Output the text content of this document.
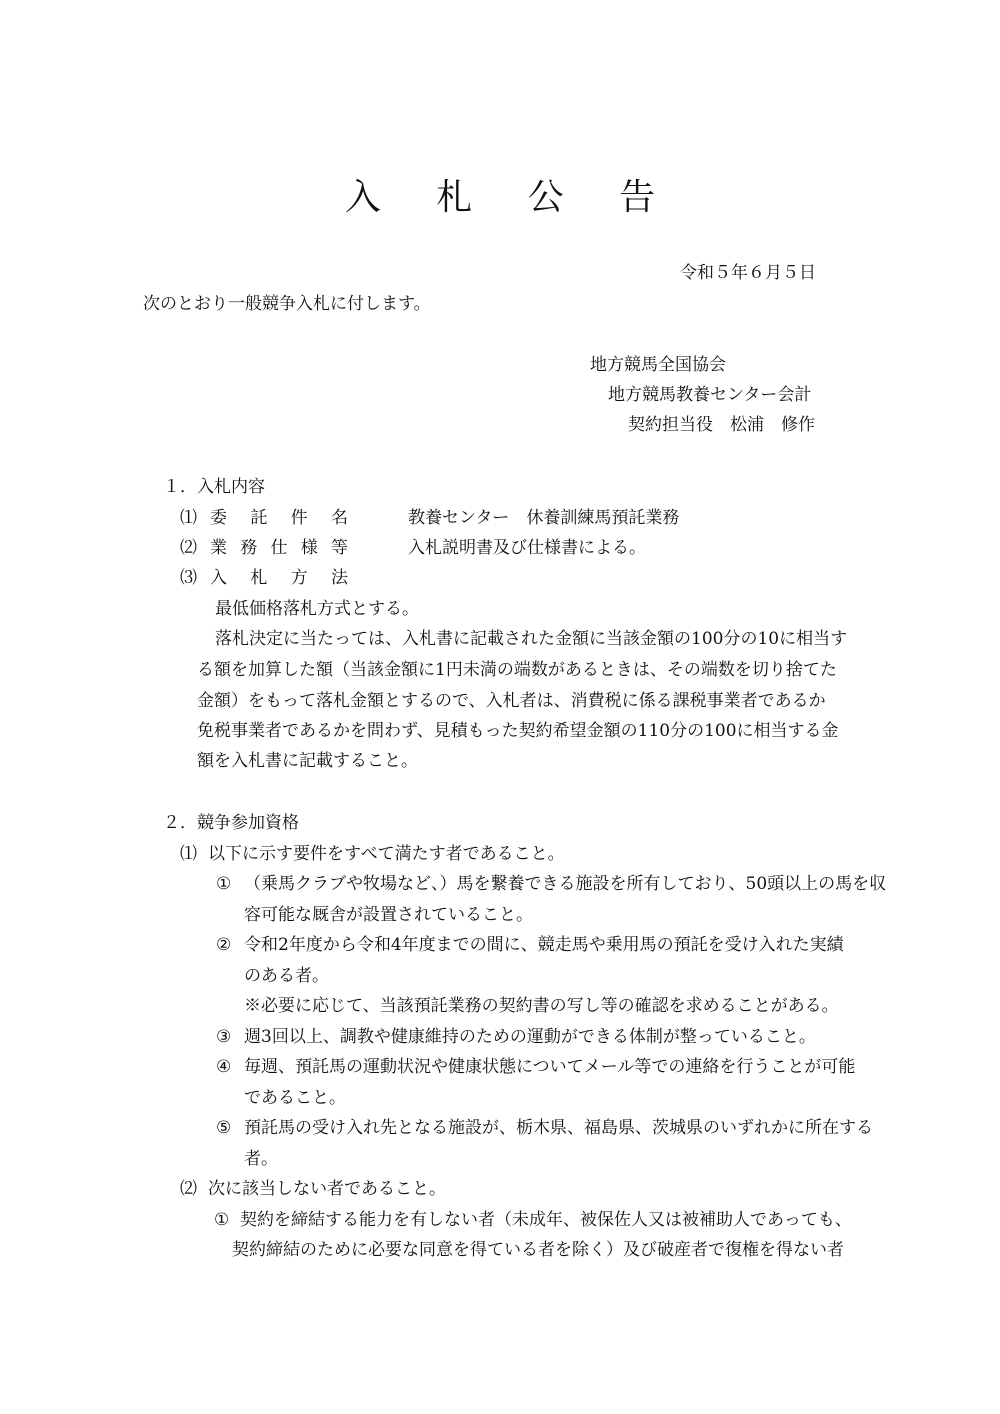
入 札 公 告
令和５年６月５日
次のとおり一般競争入札に付します。
地方競馬全国協会
地方競馬教養センター会計
契約担当役　松浦　修作
１．入札内容
⑴ 委 託 件 名	教養センター　休養訓練馬預託業務
⑵ 業 務 仕 様 等	入札説明書及び仕様書による。
⑶ 入 札 方 法
最低価格落札方式とする。
落札決定に当たっては、入札書に記載された金額に当該金額の100分の10に相当す
る額を加算した額（当該金額に1円未満の端数があるときは、その端数を切り捨てた
金額）をもって落札金額とするので、入札者は、消費税に係る課税事業者であるか
免税事業者であるかを問わず、見積もった契約希望金額の110分の100に相当する金
額を入札書に記載すること。
２．競争参加資格
⑴ 以下に示す要件をすべて満たす者であること。
① （乗馬クラブや牧場など、）馬を繋養できる施設を所有しており、50頭以上の馬を収
容可能な厩舎が設置されていること。
② 令和2年度から令和4年度までの間に、競走馬や乗用馬の預託を受け入れた実績
のある者。
※必要に応じて、当該預託業務の契約書の写し等の確認を求めることがある。
③ 週3回以上、調教や健康維持のための運動ができる体制が整っていること。
④ 毎週、預託馬の運動状況や健康状態についてメール等での連絡を行うことが可能
であること。
⑤ 預託馬の受け入れ先となる施設が、栃木県、福島県、茨城県のいずれかに所在する
者。
⑵ 次に該当しない者であること。
① 契約を締結する能力を有しない者（未成年、被保佐人又は被補助人であっても、
契約締結のために必要な同意を得ている者を除く）及び破産者で復権を得ない者
